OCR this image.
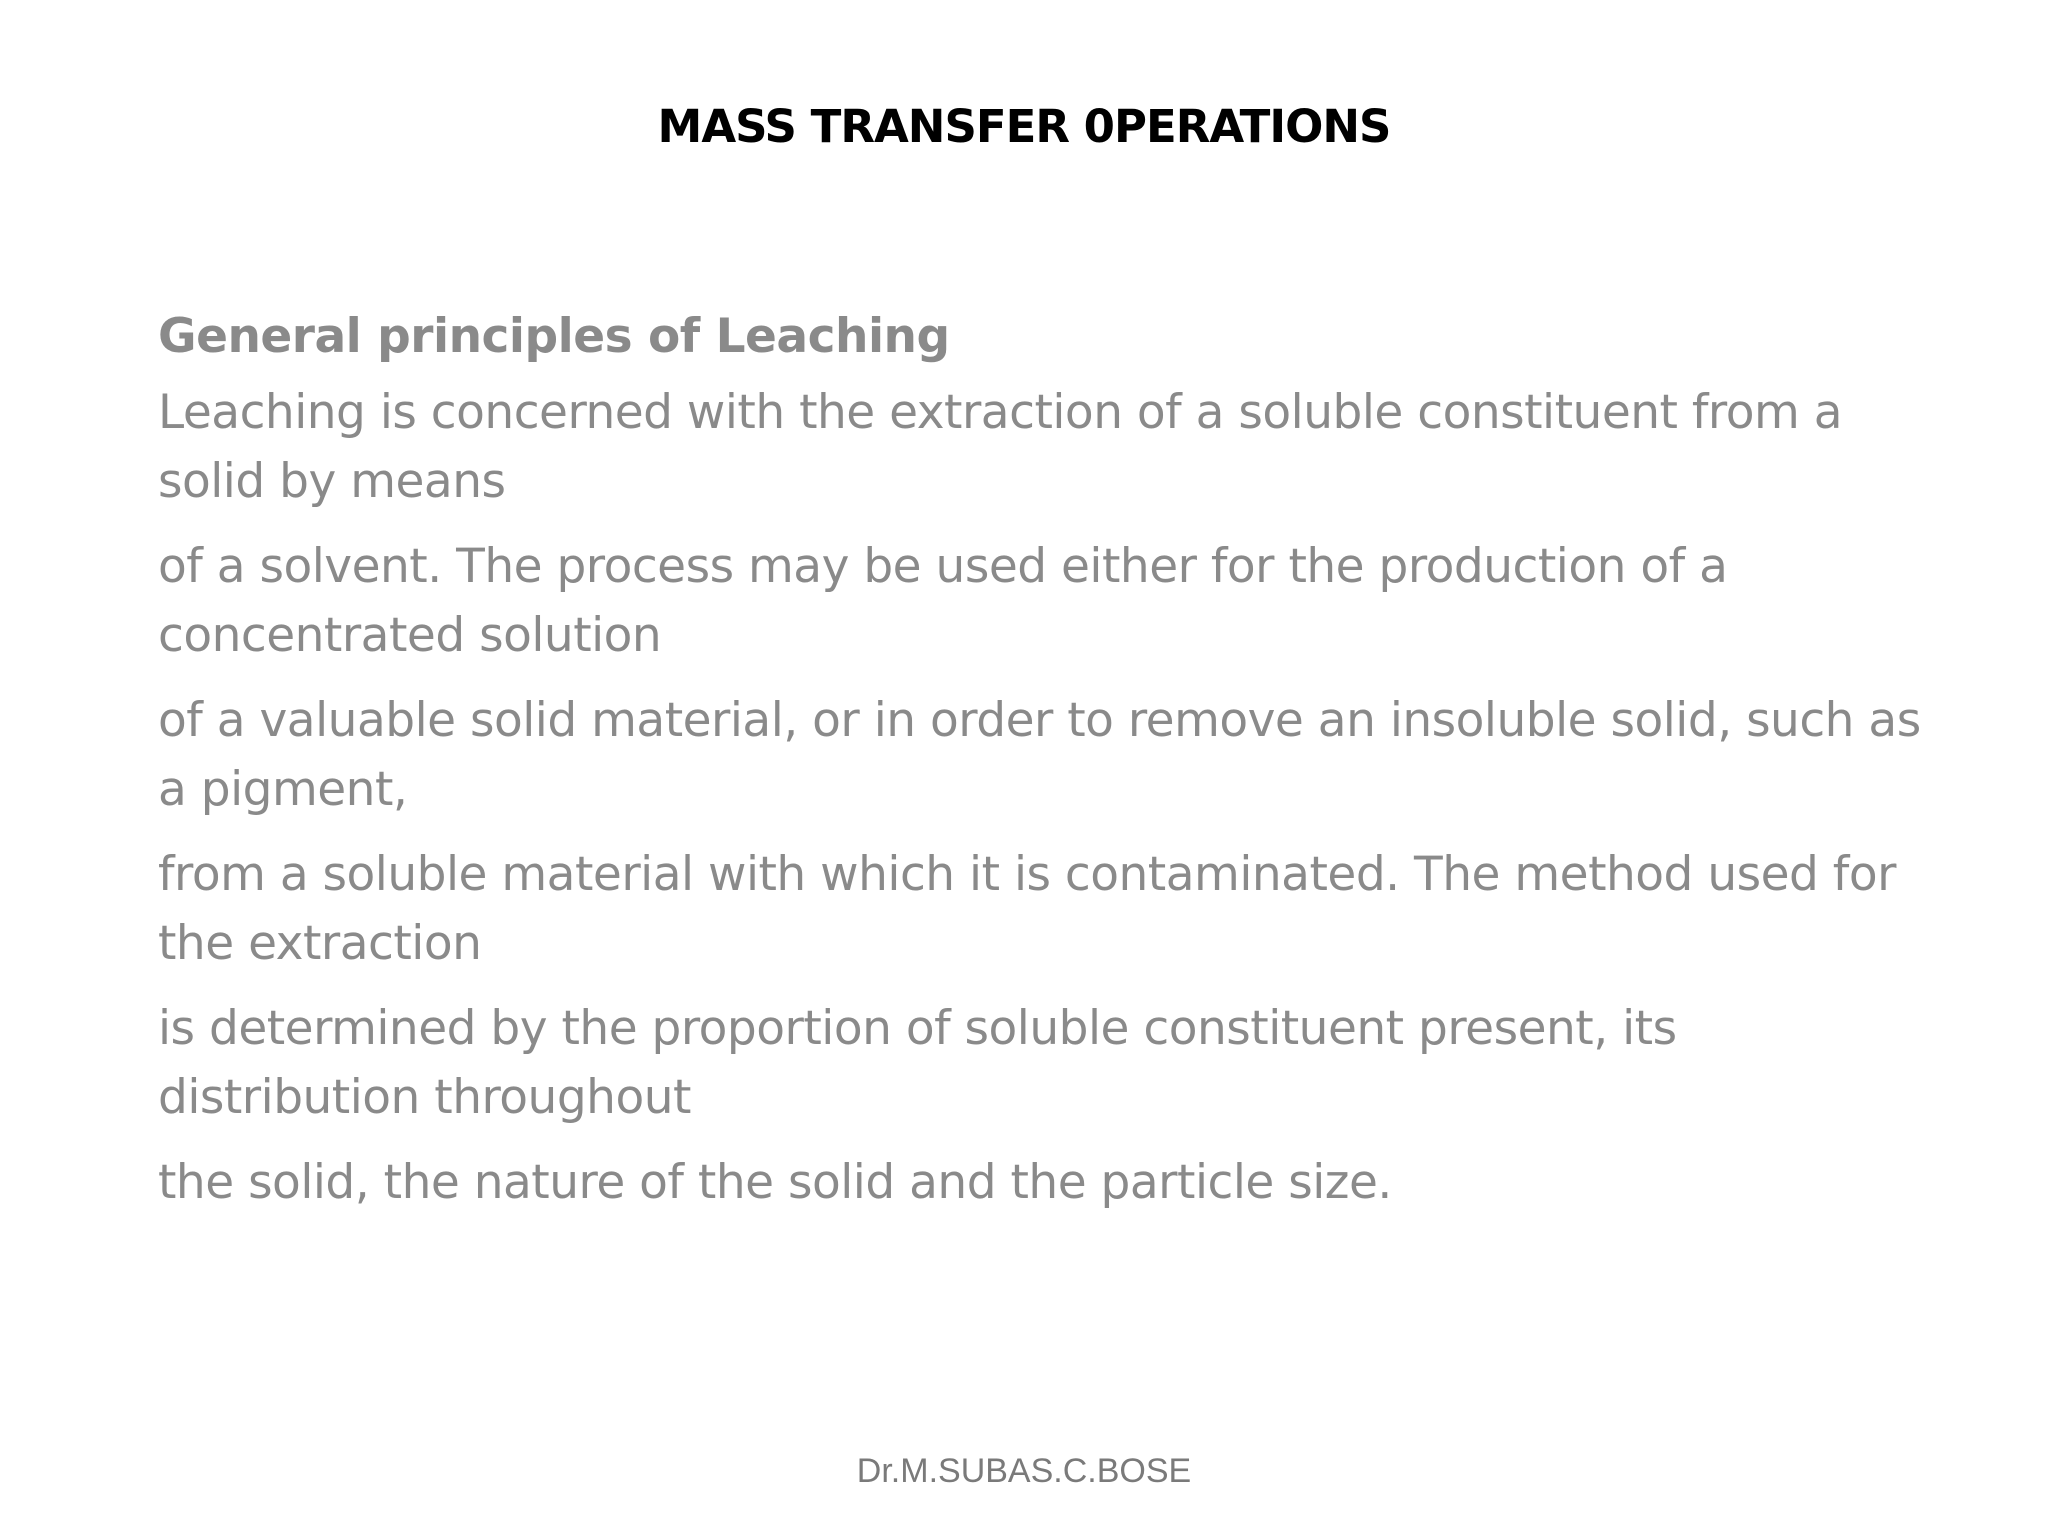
MASS TRANSFER 0PERATIONS
General principles of Leaching
Leaching is concerned with the extraction of a soluble constituent from a solid by means
of a solvent. The process may be used either for the production of a concentrated solution
of a valuable solid material, or in order to remove an insoluble solid, such as a pigment,
from a soluble material with which it is contaminated. The method used for the extraction
is determined by the proportion of soluble constituent present, its distribution throughout
the solid, the nature of the solid and the particle size.
Dr.M.SUBAS.C.BOSE
